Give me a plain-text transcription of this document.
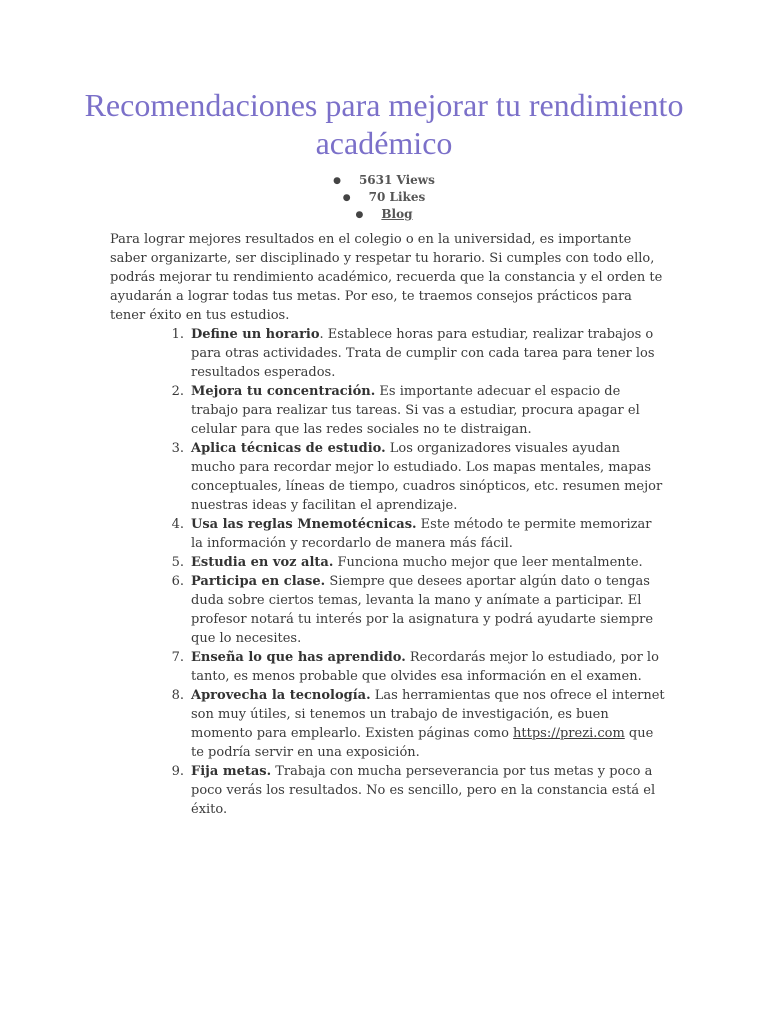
Recomendaciones para mejorar tu rendimiento académico
● 5631 Views
● 70 Likes
● Blog

Para lograr mejores resultados en el colegio o en la universidad, es importante saber organizarte, ser disciplinado y respetar tu horario. Si cumples con todo ello, podrás mejorar tu rendimiento académico, recuerda que la constancia y el orden te ayudarán a lograr todas tus metas. Por eso, te traemos consejos prácticos para tener éxito en tus estudios.

1. Define un horario. Establece horas para estudiar, realizar trabajos o para otras actividades. Trata de cumplir con cada tarea para tener los resultados esperados.
2. Mejora tu concentración. Es importante adecuar el espacio de trabajo para realizar tus tareas. Si vas a estudiar, procura apagar el celular para que las redes sociales no te distraigan.
3. Aplica técnicas de estudio. Los organizadores visuales ayudan mucho para recordar mejor lo estudiado. Los mapas mentales, mapas conceptuales, líneas de tiempo, cuadros sinópticos, etc. resumen mejor nuestras ideas y facilitan el aprendizaje.
4. Usa las reglas Mnemotécnicas. Este método te permite memorizar la información y recordarlo de manera más fácil.
5. Estudia en voz alta. Funciona mucho mejor que leer mentalmente.
6. Participa en clase. Siempre que desees aportar algún dato o tengas duda sobre ciertos temas, levanta la mano y anímate a participar. El profesor notará tu interés por la asignatura y podrá ayudarte siempre que lo necesites.
7. Enseña lo que has aprendido. Recordarás mejor lo estudiado, por lo tanto, es menos probable que olvides esa información en el examen.
8. Aprovecha la tecnología. Las herramientas que nos ofrece el internet son muy útiles, si tenemos un trabajo de investigación, es buen momento para emplearlo. Existen páginas como https://prezi.com que te podría servir en una exposición.
9. Fija metas. Trabaja con mucha perseverancia por tus metas y poco a poco verás los resultados. No es sencillo, pero en la constancia está el éxito.
